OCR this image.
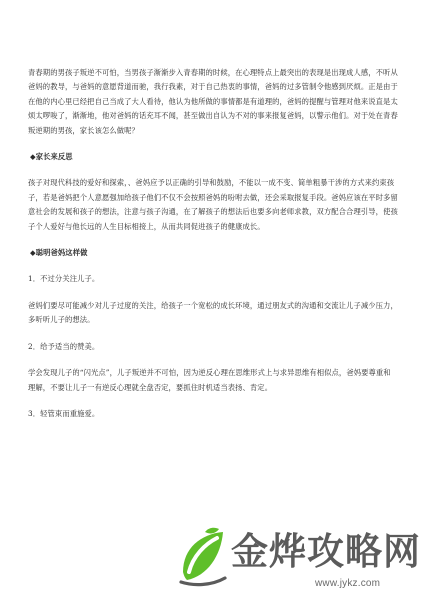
青春期的男孩子叛逆不可怕，当男孩子渐渐步入青春期的时候，在心理特点上最突出的表现是出现成人感，不听从爸妈的教导，与爸妈的意愿背道而驰，我行我素，对于自己热衷的事情，爸妈的过多管制令他感到厌烦。正是由于在他的内心里已经把自己当成了大人看待，他认为他所做的事情都是有道理的，爸妈的提醒与管理对他来说直是太烦太啰唆了，渐渐地，他对爸妈的话充耳不闻，甚至做出自认为不对的事来报复爸妈，以警示他们。对于处在青春叛逆期的男孩，家长该怎么做呢？

◆家长来反思

孩子对现代科技的爱好和探索，、爸妈应予以正确的引导和鼓励，不能以一成不变、简单粗暴干涉的方式来约束孩子，若是爸妈把个人意愿强加给孩子他们不仅不会按照爸妈的吩咐去做，还会采取报复手段。爸妈应该在平时多留意社会的发展和孩子的想法，注意与孩子沟通，在了解孩子的想法后也要多向老师求教，双方配合合理引导，使孩子个人爱好与他长远的人生目标相接上，从而共同促进孩子的健康成长。

◆聪明爸妈这样做

1．不过分关注儿子。

爸妈们要尽可能减少对儿子过度的关注，给孩子一个宽松的成长环境，通过朋友式的沟通和交流让儿子减少压力，多听听儿子的想法。

2．给予适当的赞美。

学会发现儿子的“闪光点”，儿子叛逆并不可怕，因为逆反心理在思维形式上与求异思维有相似点，爸妈要尊重和理解，不要让儿子一有逆反心理就全盘否定，要抓住时机适当表扬、肯定。

3．轻管束而重施爱。

金烨攻略网
www.jykz.com
